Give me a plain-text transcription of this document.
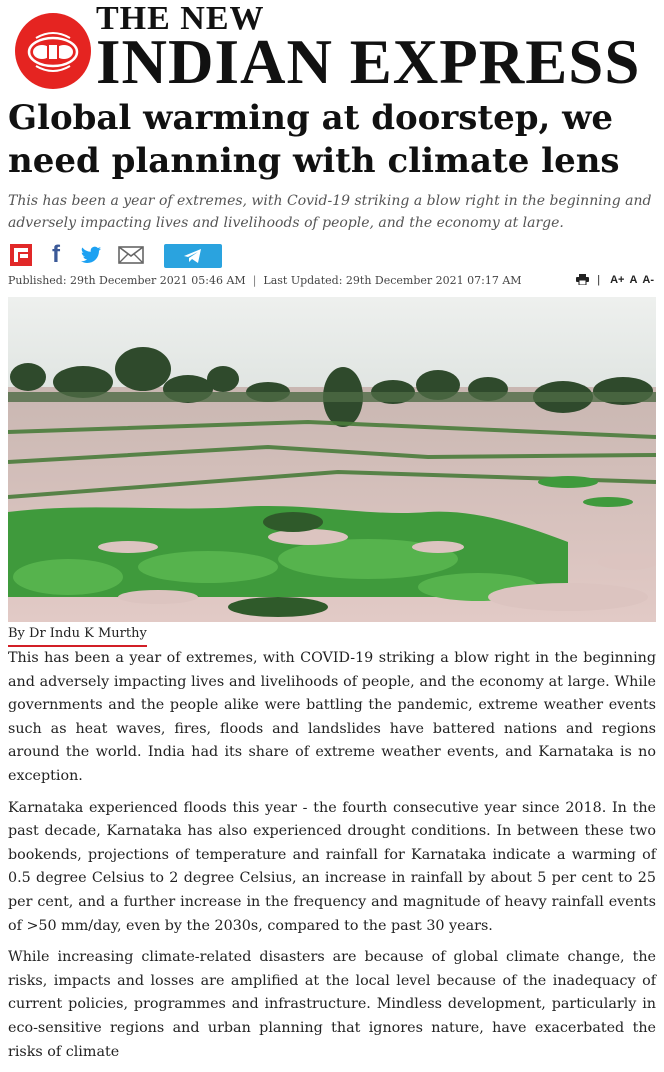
THE NEW
INDIAN EXPRESS
Global warming at doorstep, we need planning with climate lens

This has been a year of extremes, with Covid-19 striking a blow right in the beginning and adversely impacting lives and livelihoods of people, and the economy at large.

f
Published: 29th December 2021 05:46 AM | Last Updated: 29th December 2021 07:17 AM	| A+ A A-
By Dr Indu K Murthy

This has been a year of extremes, with COVID-19 striking a blow right in the beginning and adversely impacting lives and livelihoods of people, and the economy at large. While governments and the people alike were battling the pandemic, extreme weather events such as heat waves, fires, floods and landslides have battered nations and regions around the world. India had its share of extreme weather events, and Karnataka is no exception.

Karnataka experienced floods this year - the fourth consecutive year since 2018. In the past decade, Karnataka has also experienced drought conditions. In between these two bookends, projections of temperature and rainfall for Karnataka indicate a warming of 0.5 degree Celsius to 2 degree Celsius, an increase in rainfall by about 5 per cent to 25 per cent, and a further increase in the frequency and magnitude of heavy rainfall events of >50 mm/day, even by the 2030s, compared to the past 30 years.

While increasing climate-related disasters are because of global climate change, the risks, impacts and losses are amplified at the local level because of the inadequacy of current policies, programmes and infrastructure. Mindless development, particularly in eco-sensitive regions and urban planning that ignores nature, have exacerbated the risks of climate
